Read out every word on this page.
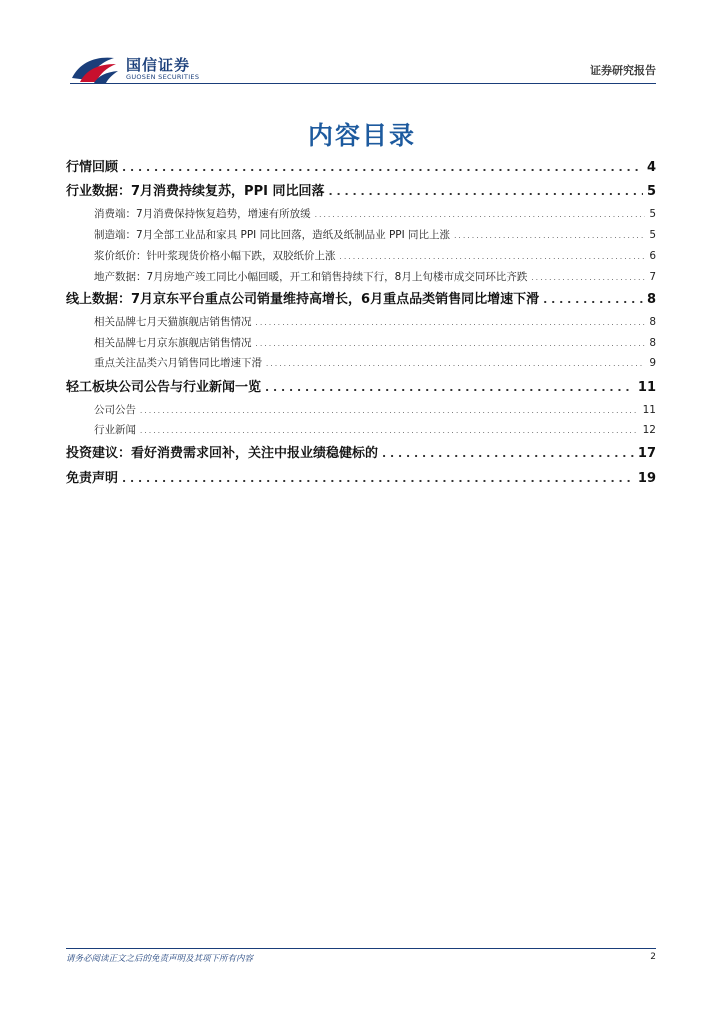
国信证券
GUOSEN SECURITIES	证券研究报告
内容目录
行情回顾 . . .	4
行业数据：7月消费持续复苏，PPI 同比回落 . . .	5
消费端：7月消费保持恢复趋势，增速有所放缓 . . .	5
制造端：7月全部工业品和家具 PPI 同比回落，造纸及纸制品业 PPI 同比上涨 . . .	5
浆价纸价：针叶浆现货价格小幅下跌，双胶纸价上涨 . . .	6
地产数据：7月房地产竣工同比小幅回暖，开工和销售持续下行，8月上旬楼市成交同环比齐跌 . . .	7
线上数据：7月京东平台重点公司销量维持高增长，6月重点品类销售同比增速下滑 . . .	8
相关品牌七月天猫旗舰店销售情况 . . .	8
相关品牌七月京东旗舰店销售情况 . . .	8
重点关注品类六月销售同比增速下滑 . . .	9
轻工板块公司公告与行业新闻一览 . . .	11
公司公告 . . .	11
行业新闻 . . .	12
投资建议：看好消费需求回补，关注中报业绩稳健标的 . . .	17
免责声明 . . .	19
请务必阅读正文之后的免责声明及其项下所有内容	2
